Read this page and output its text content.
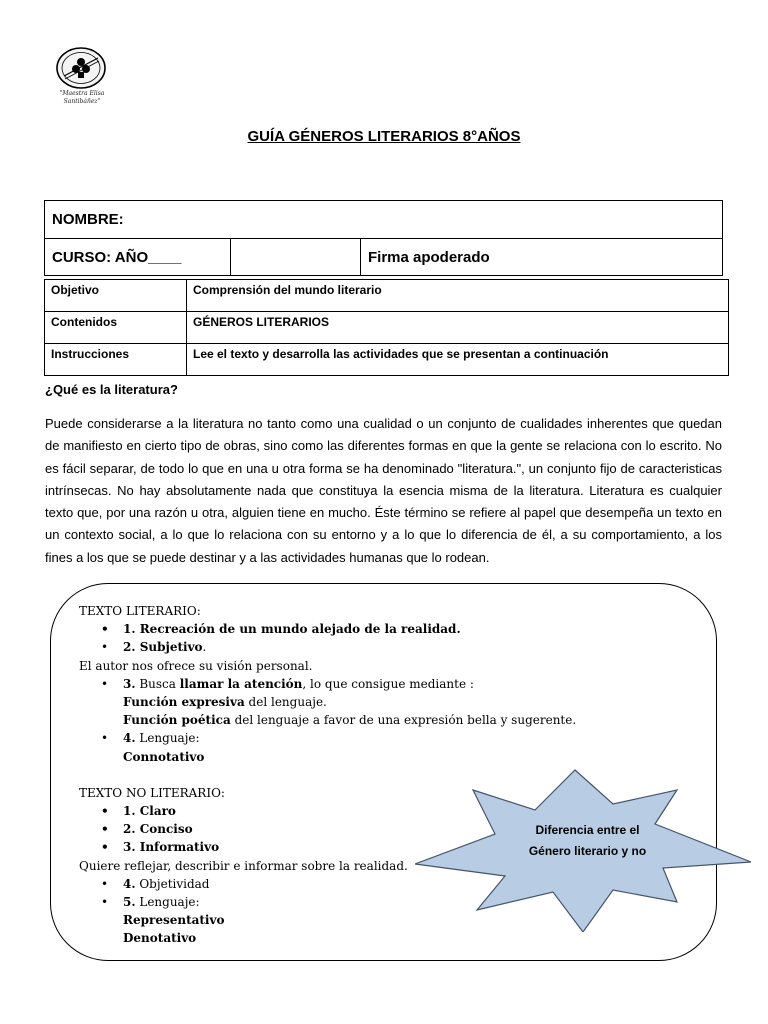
"Maestra Elisa
Santibáñez"
GUÍA GÉNEROS LITERARIOS 8°AÑOS
NOMBRE:
CURSO: AÑO____		Firma apoderado
Objetivo	Comprensión del mundo literario
Contenidos	GÉNEROS LITERARIOS
Instrucciones	Lee el texto y desarrolla las actividades que se presentan a continuación
¿Qué es la literatura?
Puede considerarse a la literatura no tanto como una cualidad o un conjunto de cualidades inherentes que quedan de manifiesto en cierto tipo de obras, sino como las diferentes formas en que la gente se relaciona con lo escrito. No es fácil separar, de todo lo que en una u otra forma se ha denominado "literatura.", un conjunto fijo de caracteristicas intrínsecas. No hay absolutamente nada que constituya la esencia misma de la literatura. Literatura es cualquier texto que, por una razón u otra, alguien tiene en mucho. Éste término se refiere al papel que desempeña un texto en un contexto social, a lo que lo relaciona con su entorno y a lo que lo diferencia de él, a su comportamiento, a los fines a los que se puede destinar y a las actividades humanas que lo rodean.
TEXTO LITERARIO:
• 1. Recreación de un mundo alejado de la realidad.
• 2. Subjetivo.
El autor nos ofrece su visión personal.
• 3. Busca llamar la atención, lo que consigue mediante :
Función expresiva del lenguaje.
Función poética del lenguaje a favor de una expresión bella y sugerente.
• 4. Lenguaje:
Connotativo
TEXTO NO LITERARIO:
• 1. Claro
• 2. Conciso
• 3. Informativo
Quiere reflejar, describir e informar sobre la realidad.
• 4. Objetividad
• 5. Lenguaje:
Representativo
Denotativo
Diferencia entre el
Género literario y no
